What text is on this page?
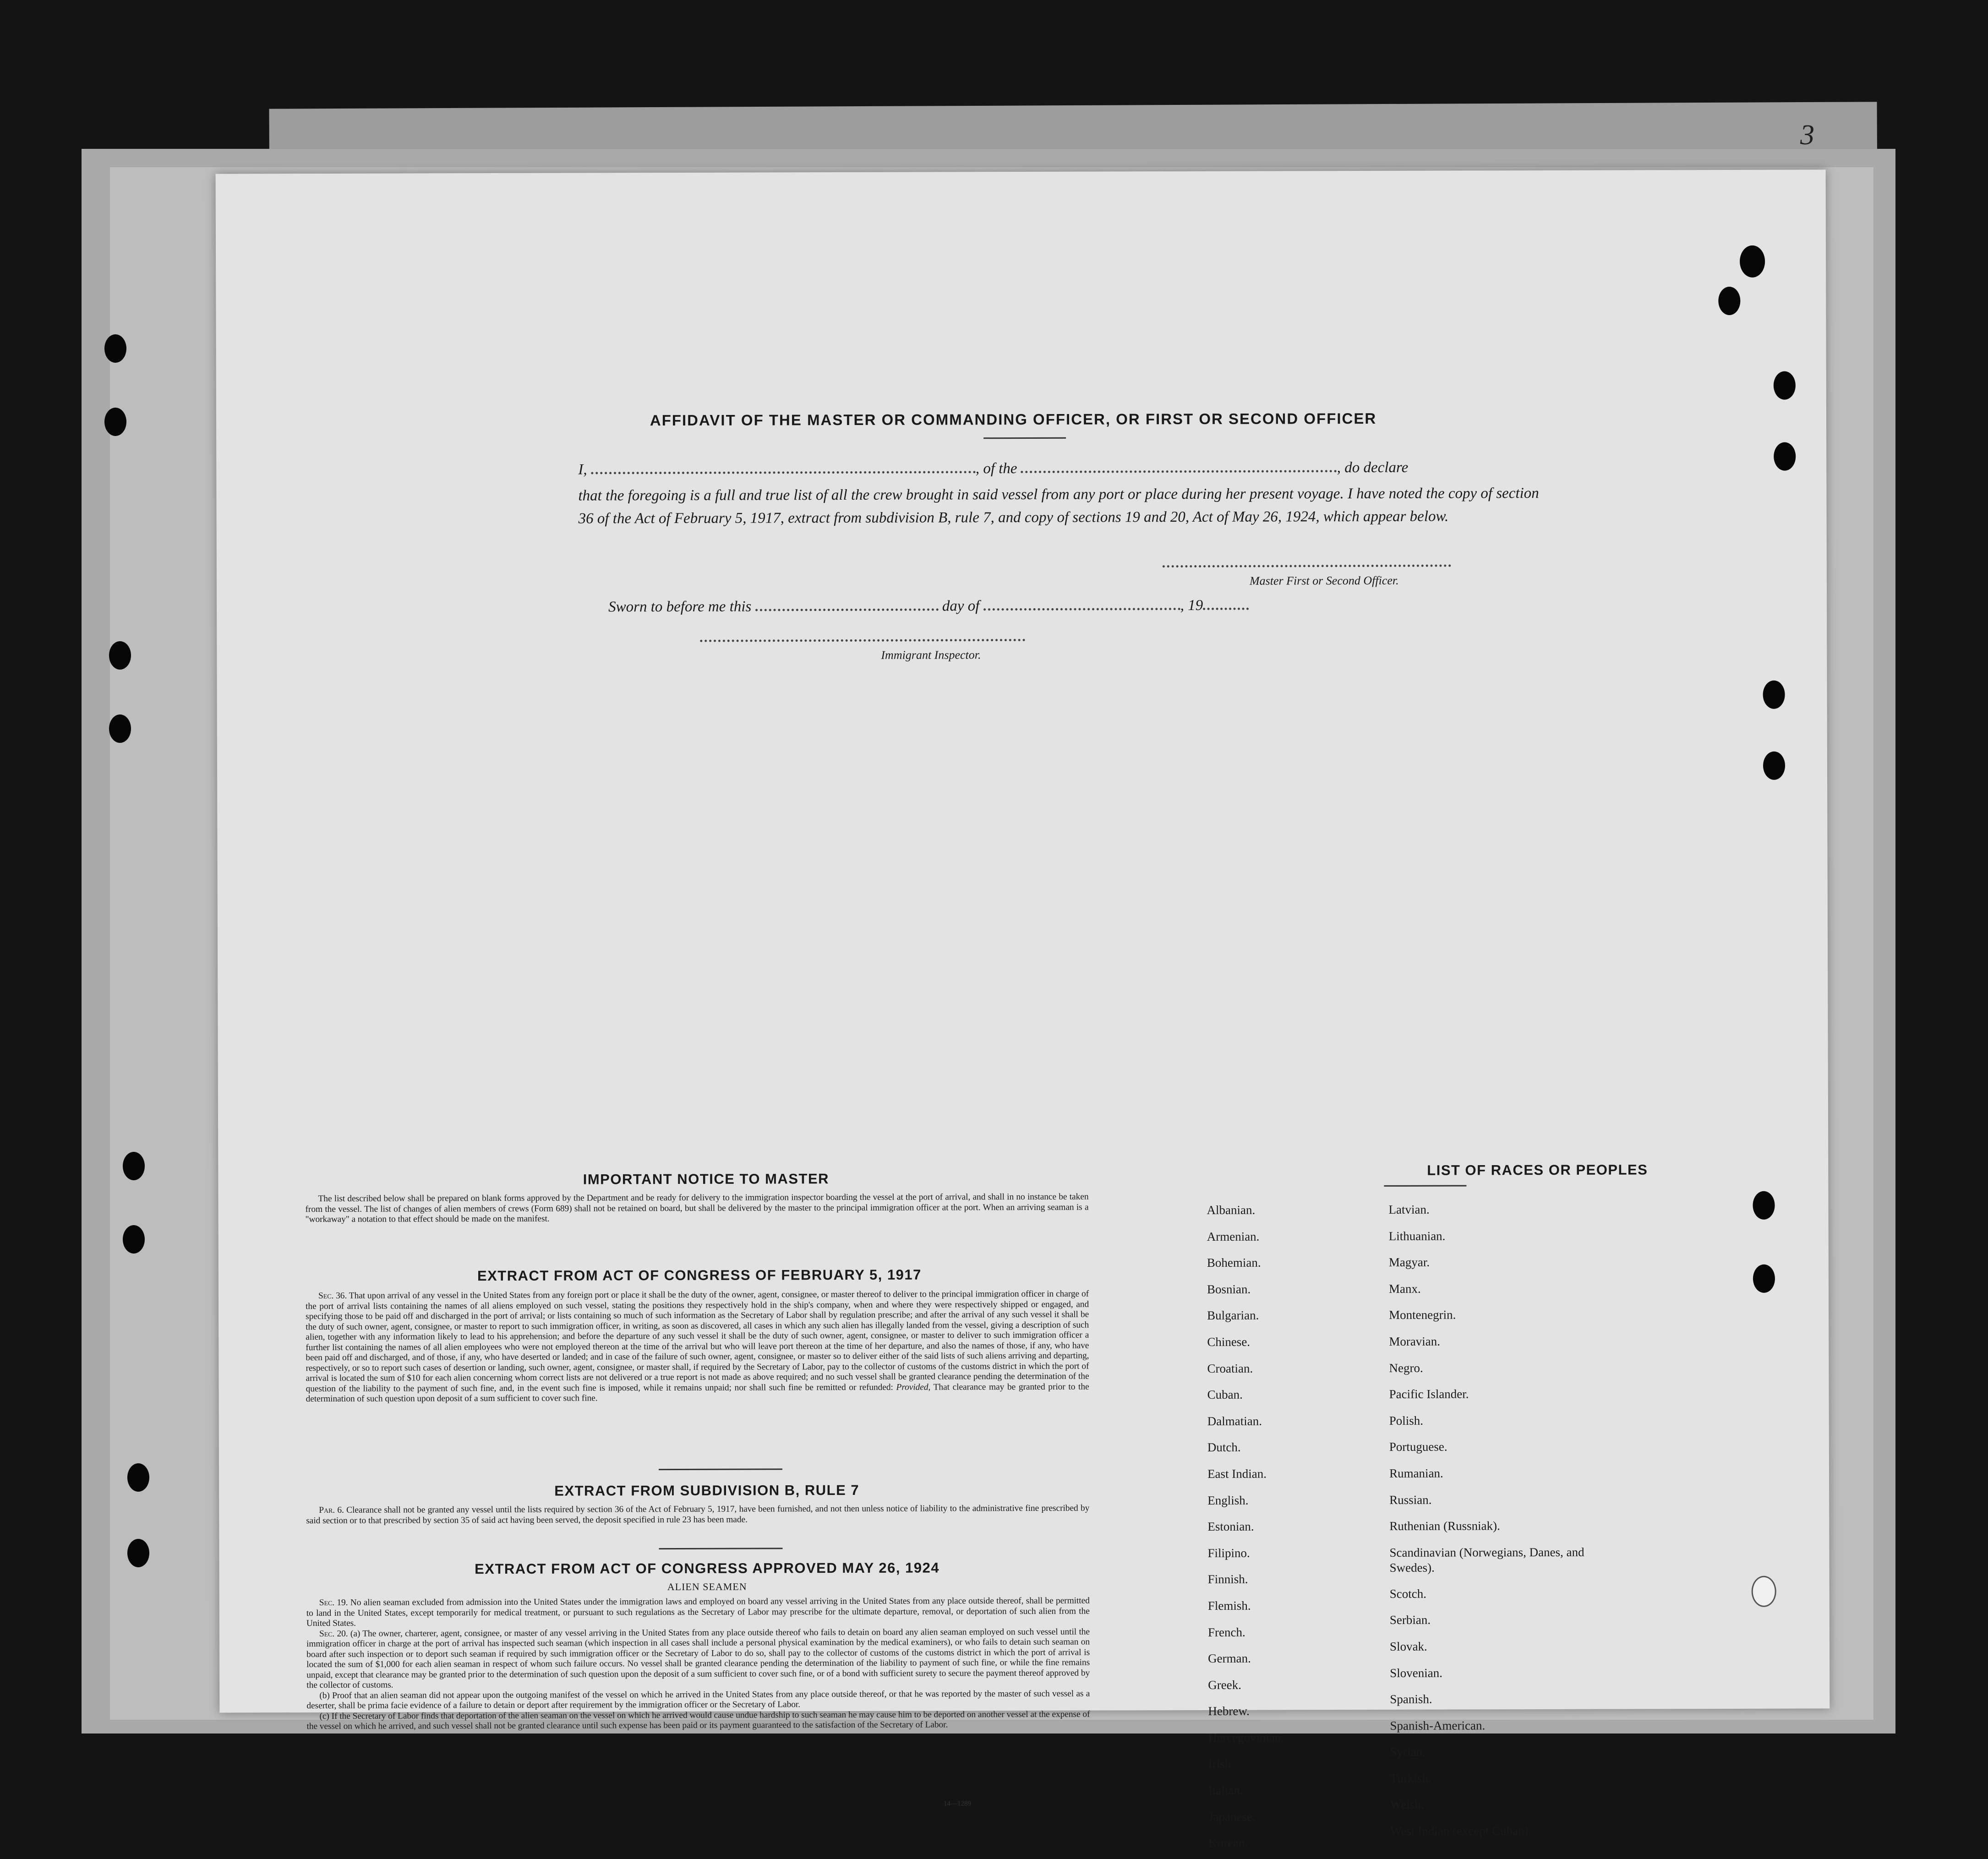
3
AFFIDAVIT OF THE MASTER OR COMMANDING OFFICER, OR FIRST OR SECOND OFFICER
I,	, of the	, do declare
that the foregoing is a full and true list of all the crew brought in said vessel from any port or place during her present voyage. I have noted the copy of section 36 of the Act of February 5, 1917, extract from subdivision B, rule 7, and copy of sections 19 and 20, Act of May 26, 1924, which appear below.
Master First or Second Officer.
Sworn to before me this	day of	, 19
Immigrant Inspector.
IMPORTANT NOTICE TO MASTER

The list described below shall be prepared on blank forms approved by the Department and be ready for delivery to the immigration inspector boarding the vessel at the port of arrival, and shall in no instance be taken from the vessel. The list of changes of alien members of crews (Form 689) shall not be retained on board, but shall be delivered by the master to the principal immigration officer at the port. When an arriving seaman is a "workaway" a notation to that effect should be made on the manifest.

EXTRACT FROM ACT OF CONGRESS OF FEBRUARY 5, 1917

Sec. 36. That upon arrival of any vessel in the United States from any foreign port or place it shall be the duty of the owner, agent, consignee, or master thereof to deliver to the principal immigration officer in charge of the port of arrival lists containing the names of all aliens employed on such vessel, stating the positions they respectively hold in the ship's company, when and where they were respectively shipped or engaged, and specifying those to be paid off and discharged in the port of arrival; or lists containing so much of such information as the Secretary of Labor shall by regulation prescribe; and after the arrival of any such vessel it shall be the duty of such owner, agent, consignee, or master to report to such immigration officer, in writing, as soon as discovered, all cases in which any such alien has illegally landed from the vessel, giving a description of such alien, together with any information likely to lead to his apprehension; and before the departure of any such vessel it shall be the duty of such owner, agent, consignee, or master to deliver to such immigration officer a further list containing the names of all alien employees who were not employed thereon at the time of the arrival but who will leave port thereon at the time of her departure, and also the names of those, if any, who have been paid off and discharged, and of those, if any, who have deserted or landed; and in case of the failure of such owner, agent, consignee, or master so to deliver either of the said lists of such aliens arriving and departing, respectively, or so to report such cases of desertion or landing, such owner, agent, consignee, or master shall, if required by the Secretary of Labor, pay to the collector of customs of the customs district in which the port of arrival is located the sum of $10 for each alien concerning whom correct lists are not delivered or a true report is not made as above required; and no such vessel shall be granted clearance pending the determination of the question of the liability to the payment of such fine, and, in the event such fine is imposed, while it remains unpaid; nor shall such fine be remitted or refunded: Provided, That clearance may be granted prior to the determination of such question upon deposit of a sum sufficient to cover such fine.

EXTRACT FROM SUBDIVISION B, RULE 7

Par. 6. Clearance shall not be granted any vessel until the lists required by section 36 of the Act of February 5, 1917, have been furnished, and not then unless notice of liability to the administrative fine prescribed by said section or to that prescribed by section 35 of said act having been served, the deposit specified in rule 23 has been made.

EXTRACT FROM ACT OF CONGRESS APPROVED MAY 26, 1924
ALIEN SEAMEN

Sec. 19. No alien seaman excluded from admission into the United States under the immigration laws and employed on board any vessel arriving in the United States from any place outside thereof, shall be permitted to land in the United States, except temporarily for medical treatment, or pursuant to such regulations as the Secretary of Labor may prescribe for the ultimate departure, removal, or deportation of such alien from the United States.

Sec. 20. (a) The owner, charterer, agent, consignee, or master of any vessel arriving in the United States from any place outside thereof who fails to detain on board any alien seaman employed on such vessel until the immigration officer in charge at the port of arrival has inspected such seaman (which inspection in all cases shall include a personal physical examination by the medical examiners), or who fails to detain such seaman on board after such inspection or to deport such seaman if required by such immigration officer or the Secretary of Labor to do so, shall pay to the collector of customs of the customs district in which the port of arrival is located the sum of $1,000 for each alien seaman in respect of whom such failure occurs. No vessel shall be granted clearance pending the determination of the liability to payment of such fine, or while the fine remains unpaid, except that clearance may be granted prior to the determination of such question upon the deposit of a sum sufficient to cover such fine, or of a bond with sufficient surety to secure the payment thereof approved by the collector of customs.

(b) Proof that an alien seaman did not appear upon the outgoing manifest of the vessel on which he arrived in the United States from any place outside thereof, or that he was reported by the master of such vessel as a deserter, shall be prima facie evidence of a failure to detain or deport after requirement by the immigration officer or the Secretary of Labor.

(c) If the Secretary of Labor finds that deportation of the alien seaman on the vessel on which he arrived would cause undue hardship to such seaman he may cause him to be deported on another vessel at the expense of the vessel on which he arrived, and such vessel shall not be granted clearance until such expense has been paid or its payment guaranteed to the satisfaction of the Secretary of Labor.

14—1289
LIST OF RACES OR PEOPLES
Albanian.
Armenian.
Bohemian.
Bosnian.
Bulgarian.
Chinese.
Croatian.
Cuban.
Dalmatian.
Dutch.
East Indian.
English.
Estonian.
Filipino.
Finnish.
Flemish.
French.
German.
Greek.
Hebrew.
Hercegovinian.
Irish.
Italian.
Japanese.
Korean.
Latvian.
Lithuanian.
Magyar.
Manx.
Montenegrin.
Moravian.
Negro.
Pacific Islander.
Polish.
Portuguese.
Rumanian.
Russian.
Ruthenian (Russniak).
Scandinavian (Norwegians, Danes, and Swedes).
Scotch.
Serbian.
Slovak.
Slovenian.
Spanish.
Spanish-American.
Syrian.
Turkish.
Welsh.
West Indian (except Cuban).
